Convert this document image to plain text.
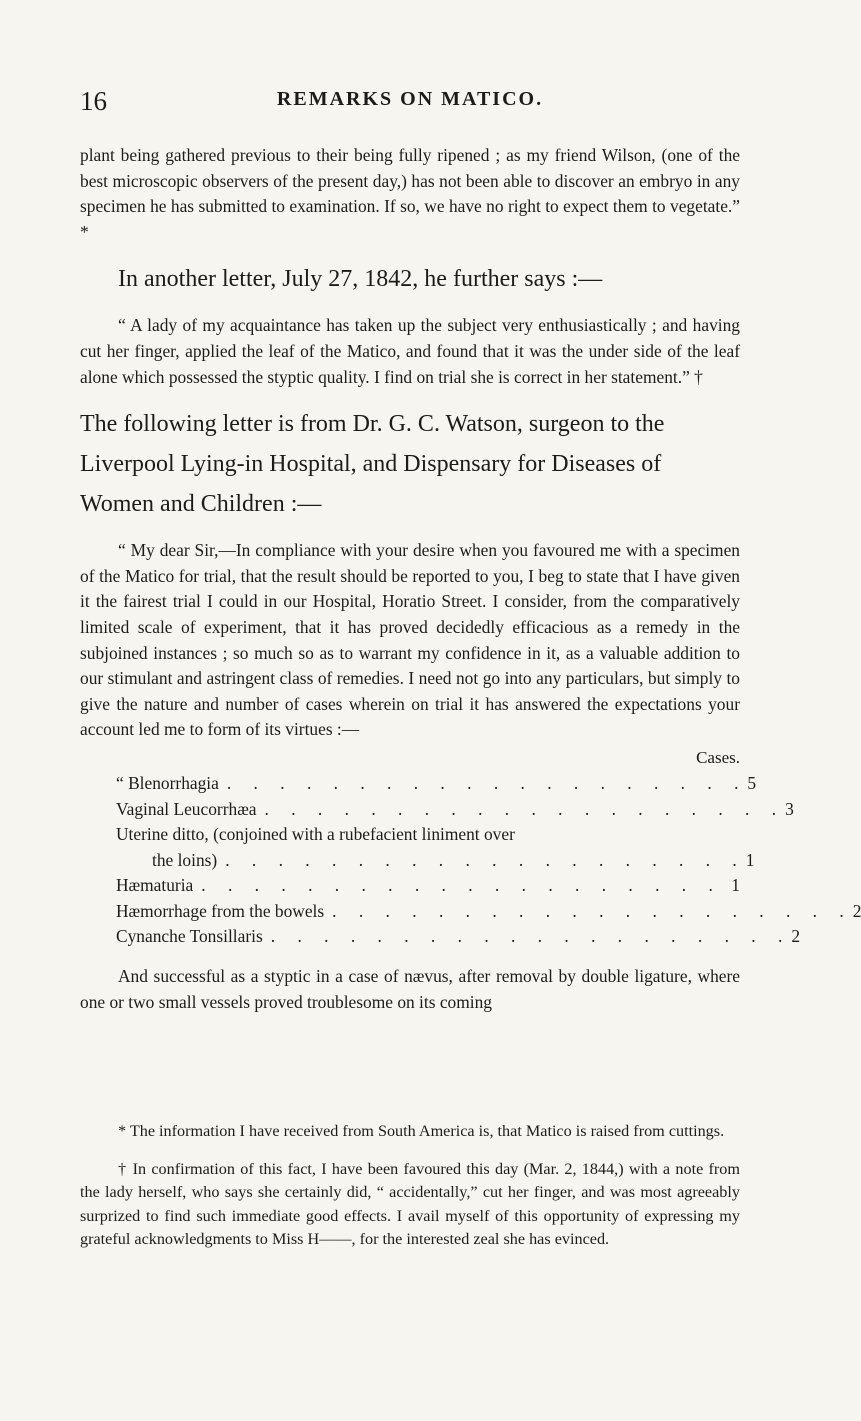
16	REMARKS ON MATICO.

plant being gathered previous to their being fully ripened ; as my friend Wilson, (one of the best microscopic observers of the present day,) has not been able to discover an embryo in any specimen he has submitted to examination. If so, we have no right to expect them to vegetate.” *

In another letter, July 27, 1842, he further says :—

“ A lady of my acquaintance has taken up the subject very enthusiastically ; and having cut her finger, applied the leaf of the Matico, and found that it was the under side of the leaf alone which possessed the styptic quality. I find on trial she is correct in her statement.” †

The following letter is from Dr. G. C. Watson, surgeon to the Liverpool Lying-in Hospital, and Dispensary for Diseases of Women and Children :—

“ My dear Sir,—In compliance with your desire when you favoured me with a specimen of the Matico for trial, that the result should be reported to you, I beg to state that I have given it the fairest trial I could in our Hospital, Horatio Street. I consider, from the comparatively limited scale of experiment, that it has proved decidedly efficacious as a remedy in the subjoined instances ; so much so as to warrant my confidence in it, as a valuable addition to our stimulant and astringent class of remedies. I need not go into any particulars, but simply to give the nature and number of cases wherein on trial it has answered the expectations your account led me to form of its virtues :—

Cases.
“ Blenorrhagia . . . . . . . . . . . . . . . . . . . . 5
Vaginal Leucorrhæa . . . . . . . . . . . . . . . . . . . . 3
Uterine ditto, (conjoined with a rubefacient liniment over
the loins) . . . . . . . . . . . . . . . . . . . . 1
Hæmaturia . . . . . . . . . . . . . . . . . . . . 1
Hæmorrhage from the bowels . . . . . . . . . . . . . . . . . . . . 2
Cynanche Tonsillaris . . . . . . . . . . . . . . . . . . . . 2

And successful as a styptic in a case of nævus, after removal by double ligature, where one or two small vessels proved troublesome on its coming

* The information I have received from South America is, that Matico is raised from cuttings.

† In confirmation of this fact, I have been favoured this day (Mar. 2, 1844,) with a note from the lady herself, who says she certainly did, “ accidentally,” cut her finger, and was most agreeably surprized to find such immediate good effects. I avail myself of this opportunity of expressing my grateful acknowledgments to Miss H——, for the interested zeal she has evinced.
